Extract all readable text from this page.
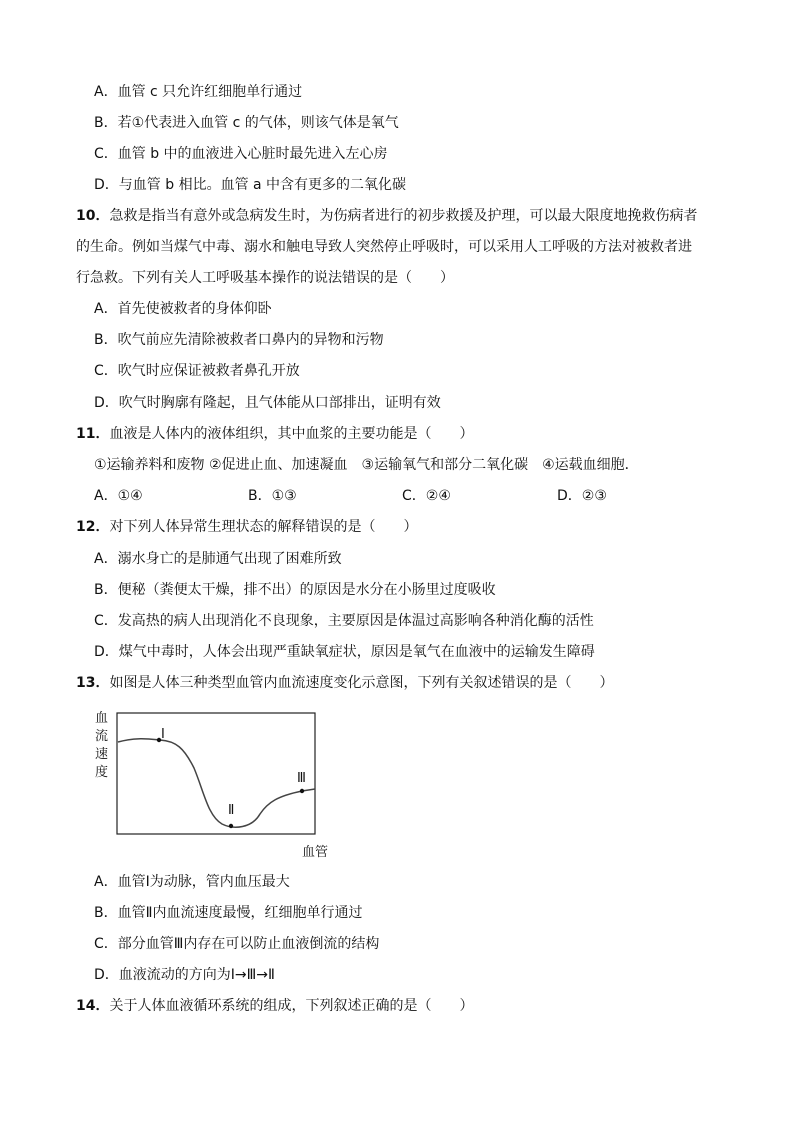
A．血管 c 只允许红细胞单行通过
B．若①代表进入血管 c 的气体，则该气体是氧气
C．血管 b 中的血液进入心脏时最先进入左心房
D．与血管 b 相比。血管 a 中含有更多的二氧化碳
10．急救是指当有意外或急病发生时，为伤病者进行的初步救援及护理，可以最大限度地挽救伤病者
的生命。例如当煤气中毒、溺水和触电导致人突然停止呼吸时，可以采用人工呼吸的方法对被救者进
行急救。下列有关人工呼吸基本操作的说法错误的是（　　）
A．首先使被救者的身体仰卧
B．吹气前应先清除被救者口鼻内的异物和污物
C．吹气时应保证被救者鼻孔开放
D．吹气时胸廓有隆起，且气体能从口部排出，证明有效
11．血液是人体内的液体组织，其中血浆的主要功能是（　　）
①运输养料和废物 ②促进止血、加速凝血　③运输氧气和部分二氧化碳　④运载血细胞．
A．①④	B．①③	C．②④	D．②③
12．对下列人体异常生理状态的解释错误的是（　　）
A．溺水身亡的是肺通气出现了困难所致
B．便秘（粪便太干燥，排不出）的原因是水分在小肠里过度吸收
C．发高热的病人出现消化不良现象，主要原因是体温过高影响各种消化酶的活性
D．煤气中毒时，人体会出现严重缺氧症状，原因是氧气在血液中的运输发生障碍
13．如图是人体三种类型血管内血流速度变化示意图，下列有关叙述错误的是（　　）
血
流
速
度
Ⅰ
Ⅱ
Ⅲ
血管
A．血管Ⅰ为动脉，管内血压最大
B．血管Ⅱ内血流速度最慢，红细胞单行通过
C．部分血管Ⅲ内存在可以防止血液倒流的结构
D．血液流动的方向为Ⅰ→Ⅲ→Ⅱ
14．关于人体血液循环系统的组成，下列叙述正确的是（　　）
